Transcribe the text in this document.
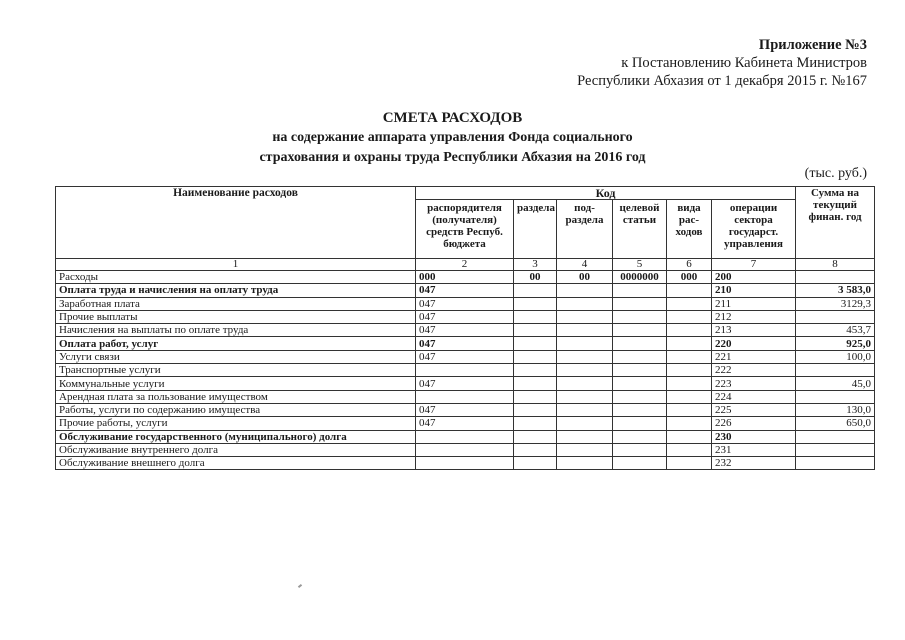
Приложение №3
к Постановлению Кабинета Министров
Республики Абхазия от 1 декабря 2015 г. №167
СМЕТА РАСХОДОВ
на содержание аппарата управления Фонда социального
страхования и охраны труда Республики Абхазия на 2016 год
(тыс. руб.)
Наименование расходов	Код						Сумма на текущий финан. год
	распорядителя (получателя) средств Респуб. бюджета	раздела	под-раздела	целевой статьи	вида рас-ходов	операции сектора государст. управления	
1	2	3	4	5	6	7	8
Расходы	000	00	00	0000000	000	200	
Оплата труда и начисления на оплату труда	047					210	3 583,0
Заработная плата	047					211	3129,3
Прочие выплаты	047					212	
Начисления на выплаты по оплате труда	047					213	453,7
Оплата работ, услуг	047					220	925,0
Услуги связи	047					221	100,0
Транспортные услуги						222	
Коммунальные услуги	047					223	45,0
Арендная плата за пользование имуществом						224	
Работы, услуги по содержанию имущества	047					225	130,0
Прочие работы, услуги	047					226	650,0
Обслуживание государственного (муниципального) долга						230	
Обслуживание внутреннего долга						231	
Обслуживание внешнего долга						232	
